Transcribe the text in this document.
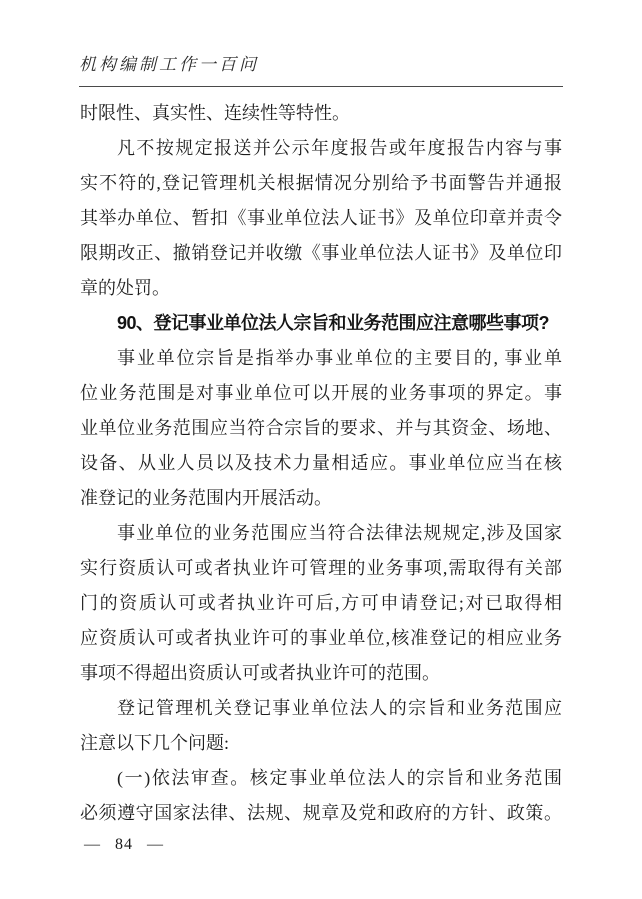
机构编制工作一百问
时限性、真实性、连续性等特性。
凡不按规定报送并公示年度报告或年度报告内容与事
实不符的,登记管理机关根据情况分别给予书面警告并通报
其举办单位、暂扣《事业单位法人证书》及单位印章并责令
限期改正、撤销登记并收缴《事业单位法人证书》及单位印
章的处罚。
90、登记事业单位法人宗旨和业务范围应注意哪些事项?
事业单位宗旨是指举办事业单位的主要目的, 事业单
位业务范围是对事业单位可以开展的业务事项的界定。事
业单位业务范围应当符合宗旨的要求、并与其资金、场地、
设备、从业人员以及技术力量相适应。事业单位应当在核
准登记的业务范围内开展活动。
事业单位的业务范围应当符合法律法规规定,涉及国家
实行资质认可或者执业许可管理的业务事项,需取得有关部
门的资质认可或者执业许可后,方可申请登记;对已取得相
应资质认可或者执业许可的事业单位,核准登记的相应业务
事项不得超出资质认可或者执业许可的范围。
登记管理机关登记事业单位法人的宗旨和业务范围应
注意以下几个问题:
(一)依法审查。核定事业单位法人的宗旨和业务范围
必须遵守国家法律、法规、规章及党和政府的方针、政策。
— 84 —
